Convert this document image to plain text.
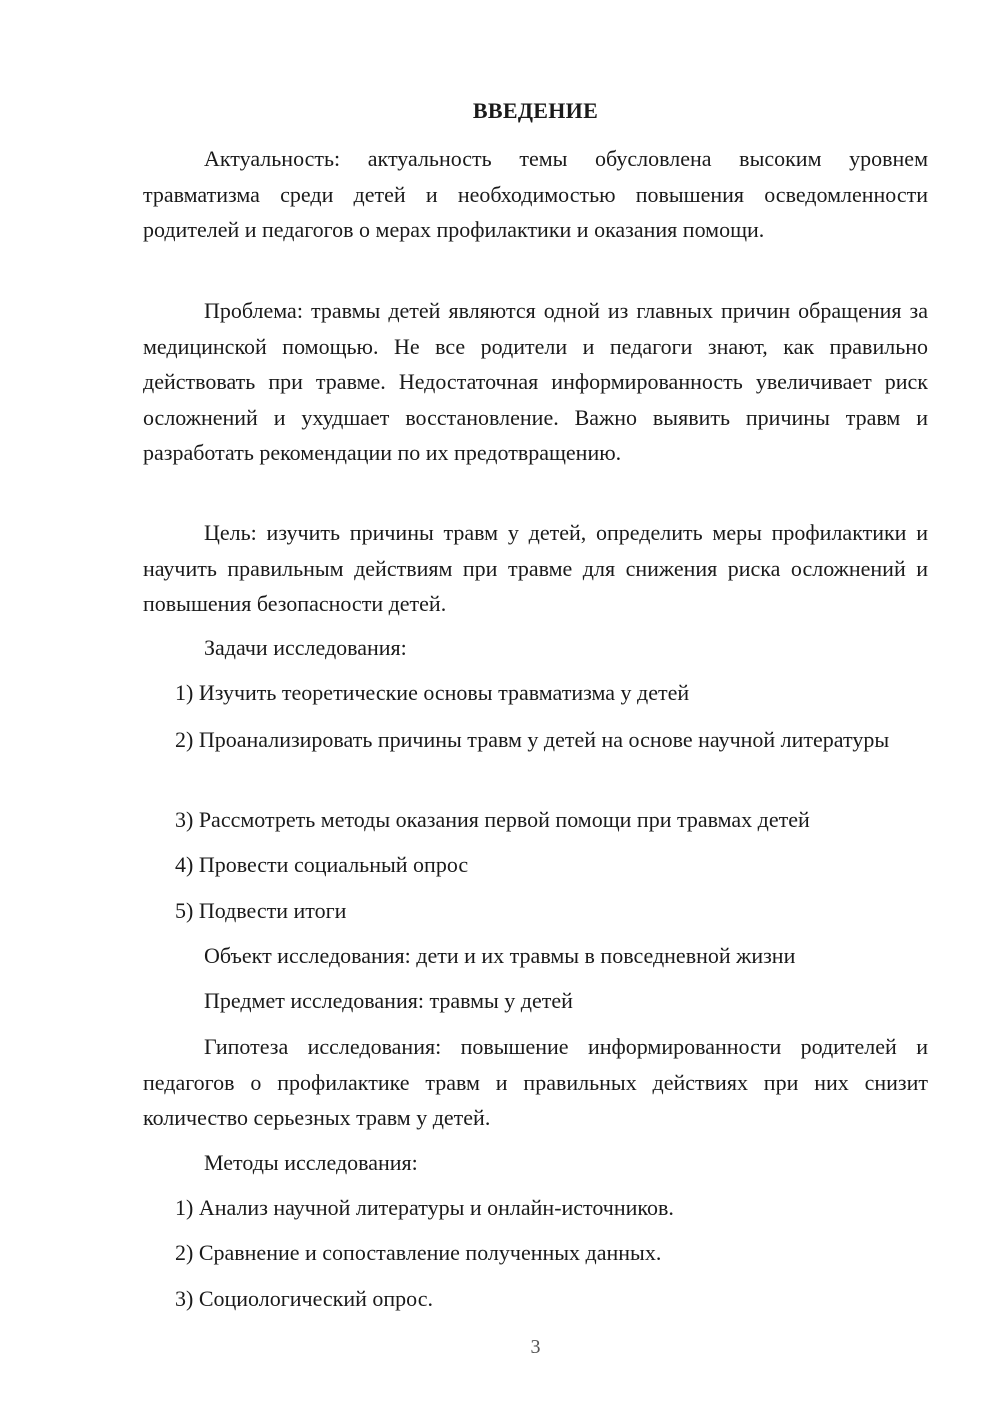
ВВЕДЕНИЕ

Актуальность: актуальность темы обусловлена высоким уровнем травматизма среди детей и необходимостью повышения осведомленности родителей и педагогов о мерах профилактики и оказания помощи.

Проблема: травмы детей являются одной из главных причин обращения за медицинской помощью. Не все родители и педагоги знают, как правильно действовать при травме. Недостаточная информированность увеличивает риск осложнений и ухудшает восстановление. Важно выявить причины травм и разработать рекомендации по их предотвращению.

Цель: изучить причины травм у детей, определить меры профилактики и научить правильным действиям при травме для снижения риска осложнений и повышения безопасности детей.

Задачи исследования:

1) Изучить теоретические основы травматизма у детей

2) Проанализировать причины травм у детей на основе научной литературы

3) Рассмотреть методы оказания первой помощи при травмах детей

4) Провести социальный опрос

5) Подвести итоги

Объект исследования: дети и их травмы в повседневной жизни

Предмет исследования: травмы у детей

Гипотеза исследования: повышение информированности родителей и педагогов о профилактике травм и правильных действиях при них снизит количество серьезных травм у детей.

Методы исследования:

1) Анализ научной литературы и онлайн-источников.

2) Сравнение и сопоставление полученных данных.

3) Социологический опрос.

3
